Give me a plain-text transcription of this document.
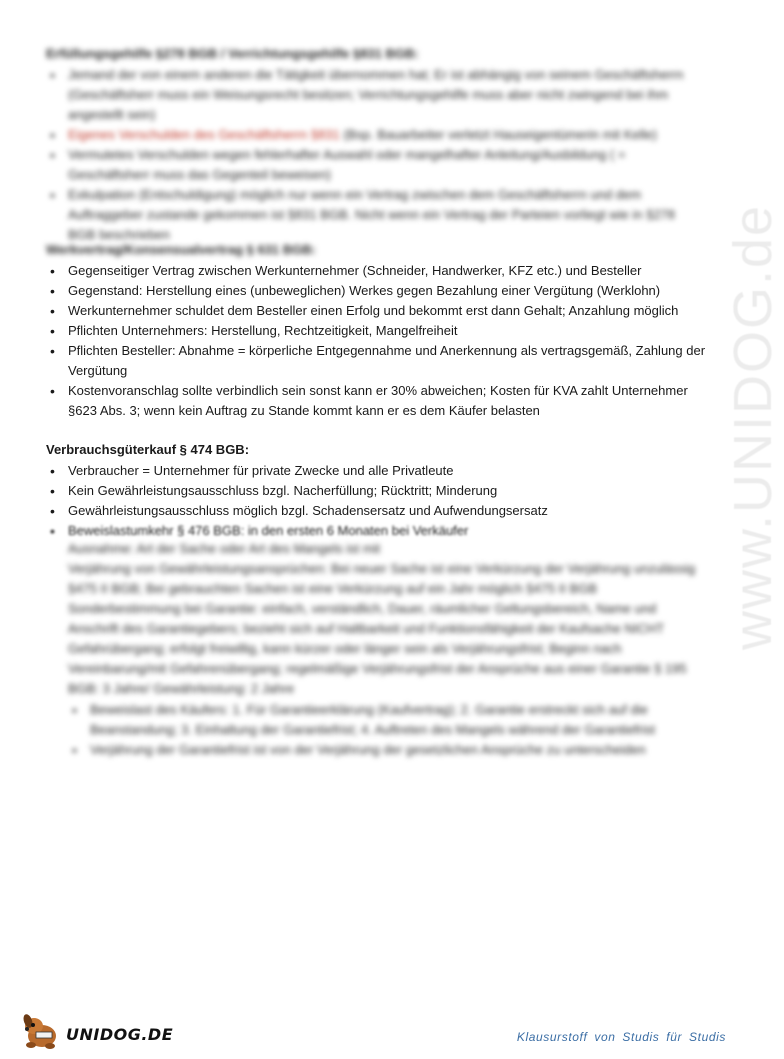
www.UNIDOG.de
Erfüllungsgehilfe §278 BGB / Verrichtungsgehilfe §831 BGB:
• Jemand der von einem anderen die Tätigkeit übernommen hat; Er ist abhängig von seinem Geschäftsherrn (Geschäftsherr muss ein Weisungsrecht besitzen; Verrichtungsgehilfe muss aber nicht zwingend bei ihm angestellt sein)
• Eigenes Verschulden des Geschäftsherrn §831 (Bsp. Bauarbeiter verletzt Hauseigentümerin mit Kelle)
• Vermutetes Verschulden wegen fehlerhafter Auswahl oder mangelhafter Anleitung/Ausbildung ( = Geschäftsherr muss das Gegenteil beweisen)
• Exkulpation (Entschuldigung) möglich nur wenn ein Vertrag zwischen dem Geschäftsherrn und dem Auftraggeber zustande gekommen ist §831 BGB. Nicht wenn ein Vertrag der Parteien vorliegt wie in §278 BGB beschrieben
Werkvertrag/Konsensualvertrag § 631 BGB:
• Gegenseitiger Vertrag zwischen Werkunternehmer (Schneider, Handwerker, KFZ etc.) und Besteller
• Gegenstand: Herstellung eines (unbeweglichen) Werkes gegen Bezahlung einer Vergütung (Werklohn)
• Werkunternehmer schuldet dem Besteller einen Erfolg und bekommt erst dann Gehalt; Anzahlung möglich
• Pflichten Unternehmers: Herstellung, Rechtzeitigkeit, Mangelfreiheit
• Pflichten Besteller: Abnahme = körperliche Entgegennahme und Anerkennung als vertragsgemäß, Zahlung der Vergütung
• Kostenvoranschlag sollte verbindlich sein sonst kann er 30% abweichen; Kosten für KVA zahlt Unternehmer §623 Abs. 3; wenn kein Auftrag zu Stande kommt kann er es dem Käufer belasten
Verbrauchsgüterkauf § 474 BGB:
• Verbraucher = Unternehmer für private Zwecke und alle Privatleute
• Kein Gewährleistungsausschluss bzgl. Nacherfüllung; Rücktritt; Minderung
• Gewährleistungsausschluss möglich bzgl. Schadensersatz und Aufwendungsersatz
• Beweislastumkehr § 476 BGB: in den ersten 6 Monaten bei Verkäufer
Ausnahme: Art der Sache oder Art des Mangels ist mit
Verjährung von Gewährleistungsansprüchen: Bei neuer Sache ist eine Verkürzung der Verjährung unzulässig §475 II BGB; Bei gebrauchten Sachen ist eine Verkürzung auf ein Jahr möglich §475 II BGB
Sonderbestimmung bei Garantie: einfach, verständlich, Dauer, räumlicher Geltungsbereich, Name und Anschrift des Garantiegebers; bezieht sich auf Haltbarkeit und Funktionsfähigkeit der Kaufsache NICHT Gefahrübergang; erfolgt freiwillig, kann kürzer oder länger sein als Verjährungsfrist; Beginn nach Vereinbarung/mit Gefahrenübergang; regelmäßige Verjährungsfrist der Ansprüche aus einer Garantie § 195 BGB: 3 Jahre/ Gewährleistung: 2 Jahre
• Beweislast des Käufers: 1. Für Garantieerklärung (Kaufvertrag); 2. Garantie erstreckt sich auf die Beanstandung; 3. Einhaltung der Garantiefrist; 4. Auftreten des Mangels während der Garantiefrist
• Verjährung der Garantiefrist ist von der Verjährung der gesetzlichen Ansprüche zu unterscheiden
UNIDOG.DE	Klausurstoff von Studis für Studis
